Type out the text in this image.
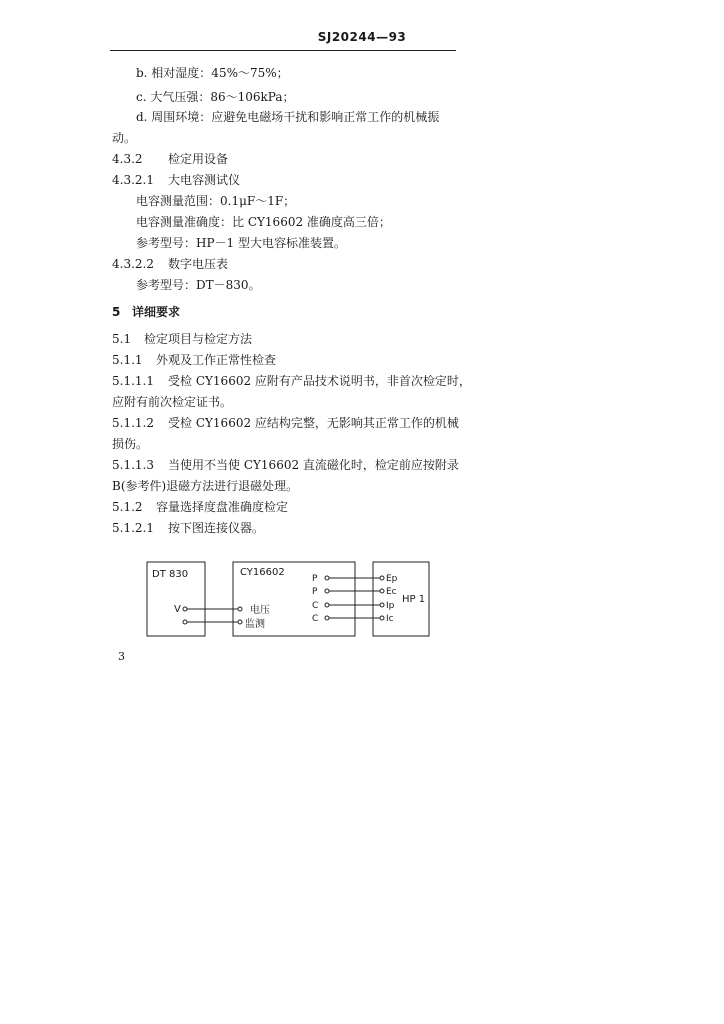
SJ20244—93
b. 相对湿度：45%～75%；
c. 大气压强：86～106kPa；
d. 周围环境：应避免电磁场干扰和影响正常工作的机械振
动。
4.3.2 检定用设备
4.3.2.1 大电容测试仪
电容测量范围：0.1μF～1F；
电容测量准确度：比 CY16602 准确度高三倍；
参考型号：HP－1 型大电容标准装置。
4.3.2.2 数字电压表
参考型号：DT－830。
5 详细要求
5.1 检定项目与检定方法
5.1.1 外观及工作正常性检查
5.1.1.1 受检 CY16602 应附有产品技术说明书，非首次检定时，
应附有前次检定证书。
5.1.1.2 受检 CY16602 应结构完整，无影响其正常工作的机械
损伤。
5.1.1.3 当使用不当使 CY16602 直流磁化时，检定前应按附录
B(参考件)退磁方法进行退磁处理。
5.1.2 容量选择度盘准确度检定
5.1.2.1 按下图连接仪器。
DT 830
V
CY16602
P
P
C
C
电压
监测
HP 1
Ep
Ec
Ip
Ic
3
